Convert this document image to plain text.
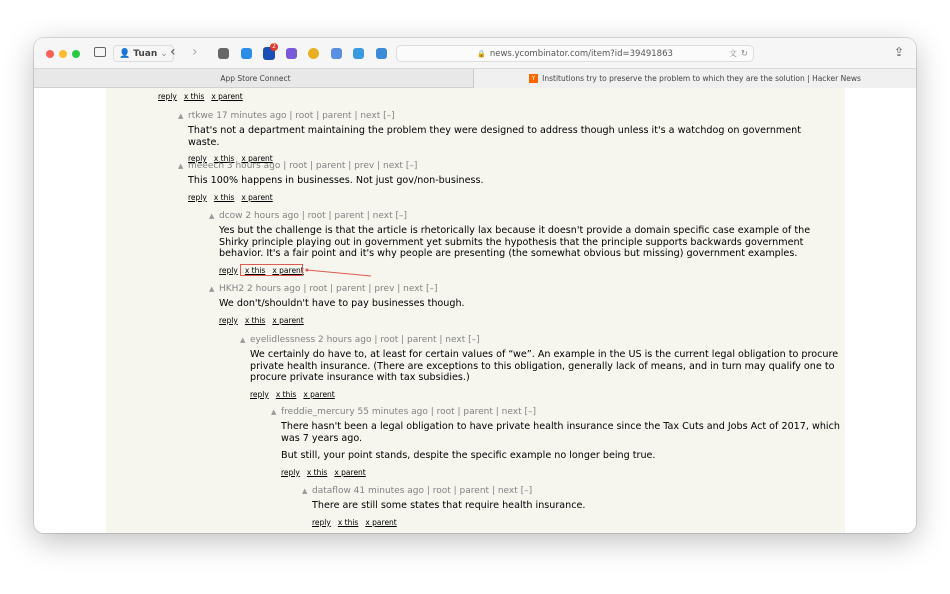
👤 Tuan ⌄ ‹ ›	2
🔒 news.ycombinator.com/item?id=39491863	⽂ ↻	⇪
App Store Connect	Y Institutions try to preserve the problem to which they are the solution | Hacker News
reply x this x parent
▲ rtkwe 17 minutes ago | root | parent | next [–]

That's not a department maintaining the problem they were designed to address though unless it's a watchdog on government waste.

reply x this x parent
▲ meeech 3 hours ago | root | parent | prev | next [–]

This 100% happens in businesses. Not just gov/non-business.

reply x this x parent
▲ dcow 2 hours ago | root | parent | next [–]

Yes but the challenge is that the article is rhetorically lax because it doesn't provide a domain specific case example of the Shirky principle playing out in government yet submits the hypothesis that the principle supports backwards government behavior. It's a fair point and it's why people are presenting (the somewhat obvious but missing) government examples.

reply x this x parent
▲ HKH2 2 hours ago | root | parent | prev | next [–]

We don't/shouldn't have to pay businesses though.

reply x this x parent
▲ eyelidlessness 2 hours ago | root | parent | next [–]

We certainly do have to, at least for certain values of “we”. An example in the US is the current legal obligation to procure private health insurance. (There are exceptions to this obligation, generally lack of means, and in turn may qualify one to procure private insurance with tax subsidies.)

reply x this x parent
▲ freddie_mercury 55 minutes ago | root | parent | next [–]

There hasn't been a legal obligation to have private health insurance since the Tax Cuts and Jobs Act of 2017, which was 7 years ago.

But still, your point stands, despite the specific example no longer being true.

reply x this x parent
▲ dataflow 41 minutes ago | root | parent | next [–]

There are still some states that require health insurance.

reply x this x parent
